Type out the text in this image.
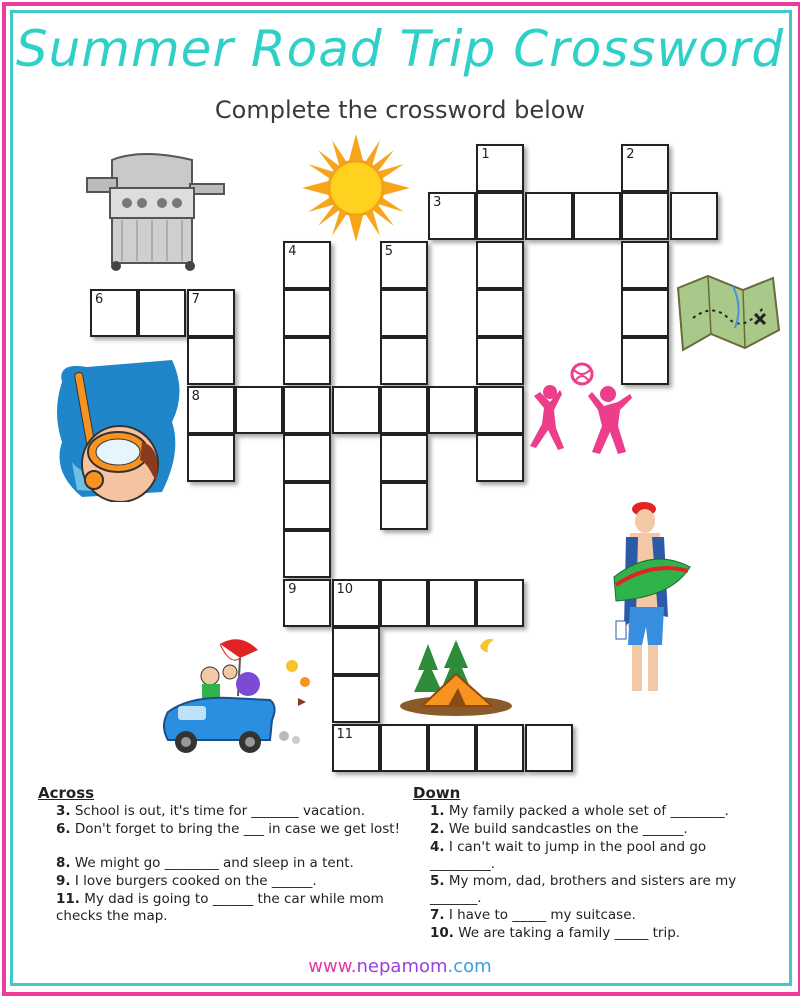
Summer Road Trip Crossword
Complete the crossword below
1	2
3
4	5
6	7
8
9	10
11
Across
3. School is out, it's time for _______ vacation.
6. Don't forget to bring the ___ in case we get lost!
8. We might go ________ and sleep in a tent.
9. I love burgers cooked on the ______.
11. My dad is going to ______ the car while mom checks the map.
Down
1. My family packed a whole set of ________.
2. We build sandcastles on the ______.
4. I can't wait to jump in the pool and go _________.
5. My mom, dad, brothers and sisters are my _______.
7. I have to _____ my suitcase.
10. We are taking a family _____ trip.
www.nepamom.com
